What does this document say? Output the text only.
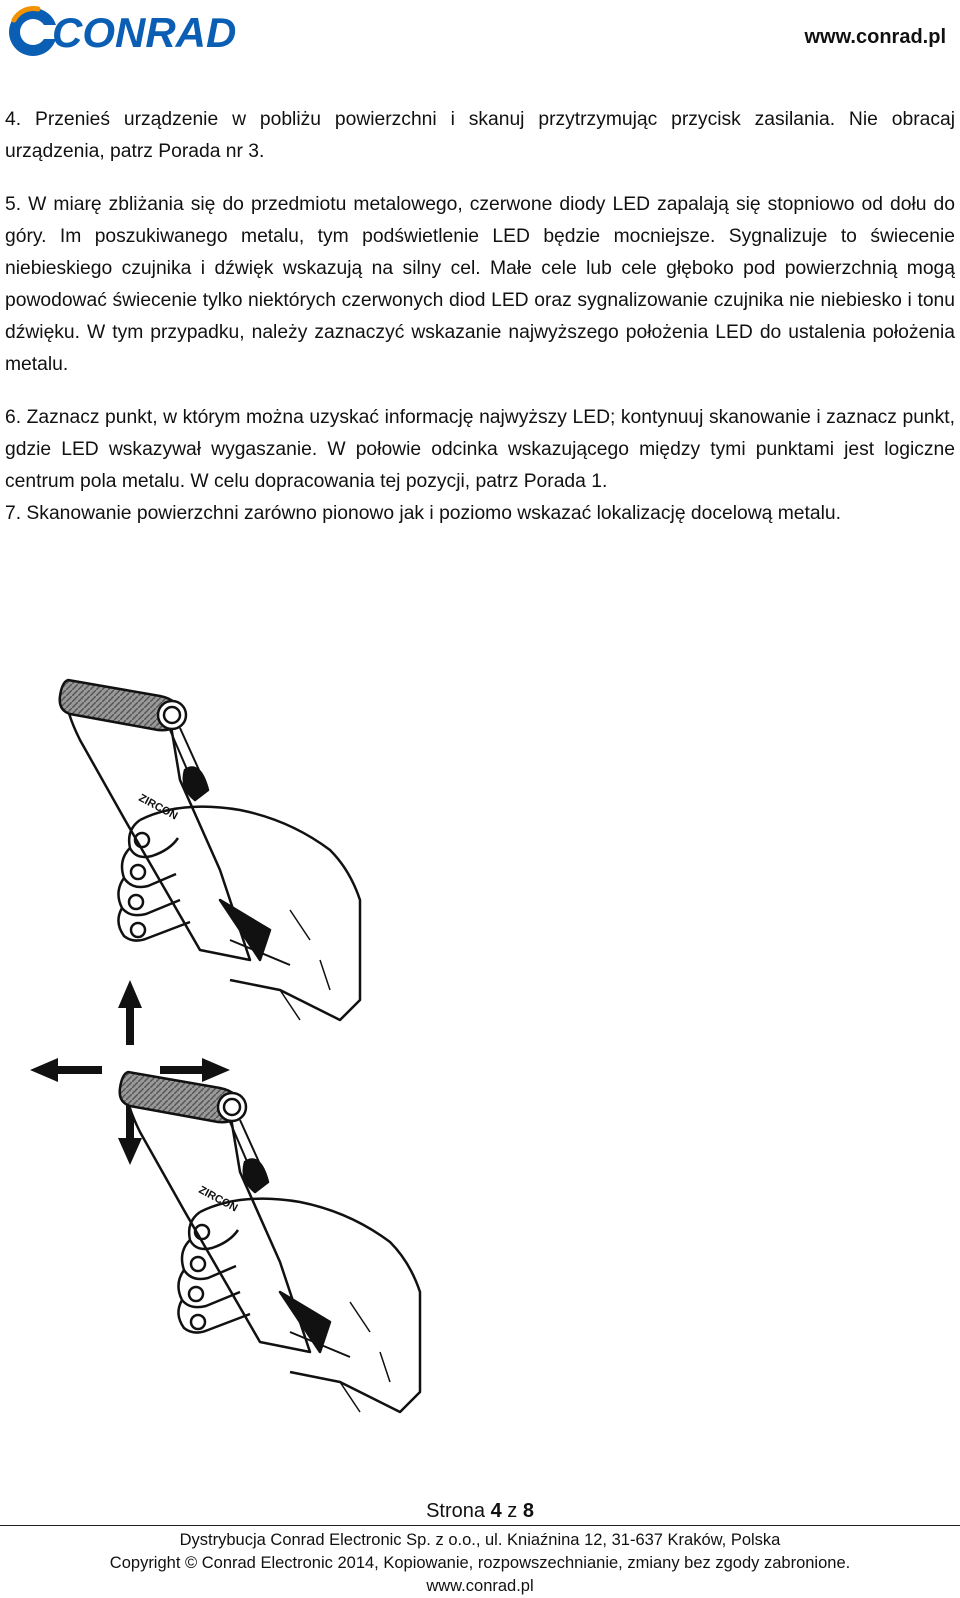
CONRAD	www.conrad.pl

4. Przenieś urządzenie w pobliżu powierzchni i skanuj przytrzymując przycisk zasilania. Nie obracaj urządzenia, patrz Porada nr 3.

5. W miarę zbliżania się do przedmiotu metalowego, czerwone diody LED zapalają się stopniowo od dołu do góry. Im poszukiwanego metalu, tym podświetlenie LED będzie mocniejsze. Sygnalizuje to świecenie niebieskiego czujnika i dźwięk wskazują na silny cel. Małe cele lub cele głęboko pod powierzchnią mogą powodować świecenie tylko niektórych czerwonych diod LED oraz sygnalizowanie czujnika nie niebiesko i tonu dźwięku. W tym przypadku, należy zaznaczyć wskazanie najwyższego położenia LED do ustalenia położenia metalu.

6. Zaznacz punkt, w którym można uzyskać informację najwyższy LED; kontynuuj skanowanie i zaznacz punkt, gdzie LED wskazywał wygaszanie. W połowie odcinka wskazującego między tymi punktami jest logiczne centrum pola metalu. W celu dopracowania tej pozycji, patrz Porada 1.

7. Skanowanie powierzchni zarówno pionowo jak i poziomo wskazać lokalizację docelową metalu.

ZIRCON
ZIRCON
Strona 4 z 8
Dystrybucja Conrad Electronic Sp. z o.o., ul. Kniaźnina 12, 31-637 Kraków, Polska
Copyright © Conrad Electronic 2014, Kopiowanie, rozpowszechnianie, zmiany bez zgody zabronione.
www.conrad.pl
